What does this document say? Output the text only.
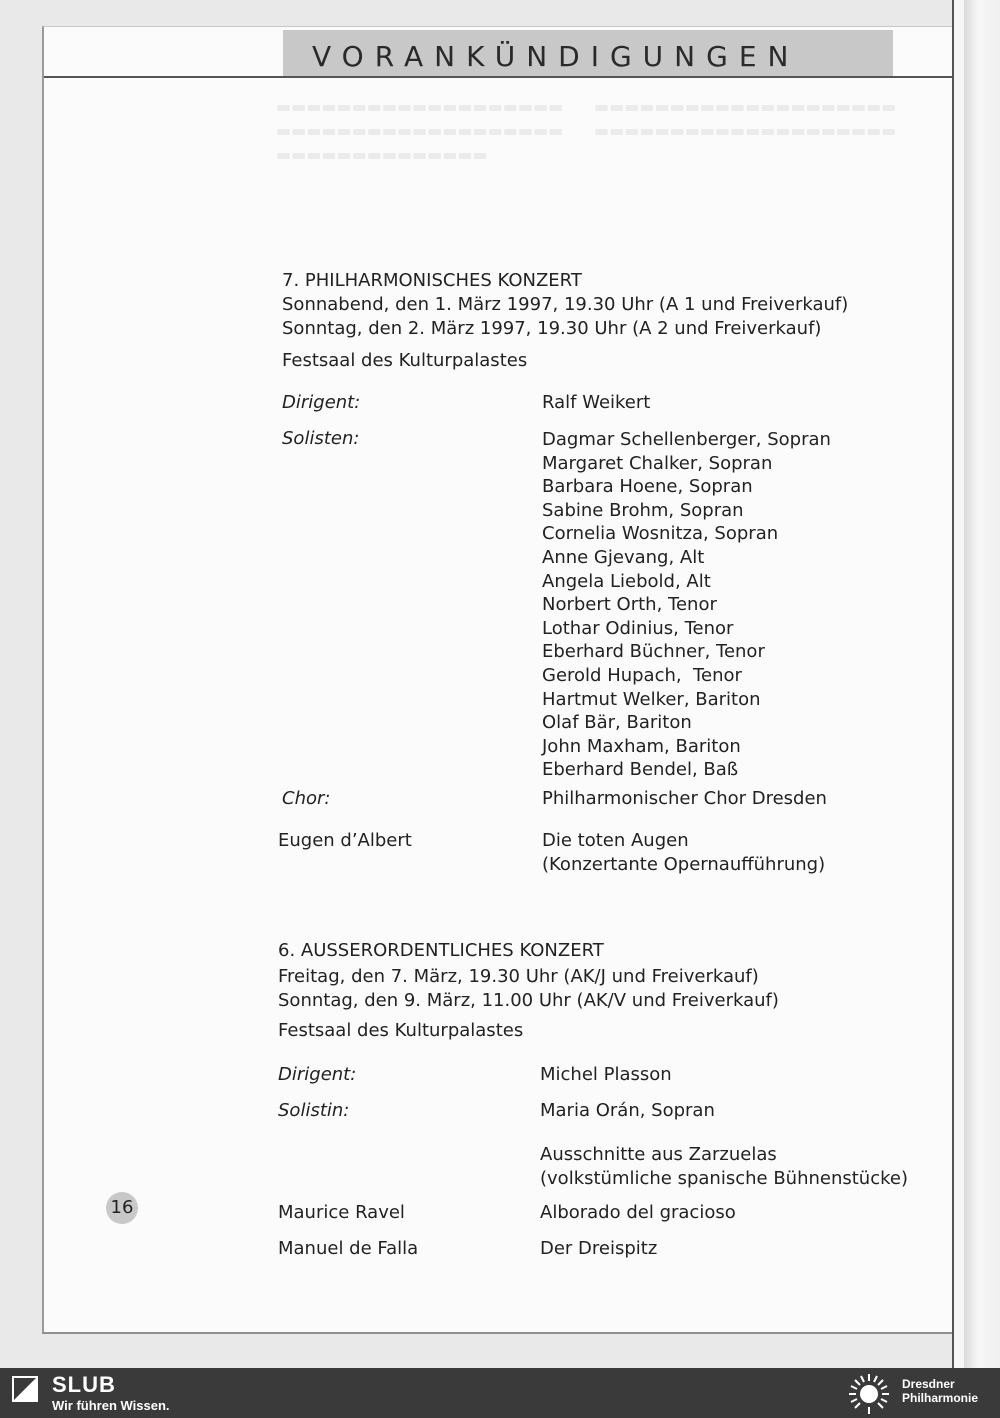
▬▬▬▬▬▬▬▬▬▬▬▬▬▬▬▬▬▬▬
▬▬▬▬▬▬▬▬▬▬▬▬▬▬▬▬▬▬▬
▬▬▬▬▬▬▬▬▬▬▬▬▬▬
▬▬▬▬▬▬▬▬▬▬▬▬▬▬▬▬▬▬▬▬
▬▬▬▬▬▬▬▬▬▬▬▬▬▬▬▬▬▬▬▬
VORANKÜNDIGUNGEN
7. PHILHARMONISCHES KONZERT
Sonnabend, den 1. März 1997, 19.30 Uhr (A 1 und Freiverkauf)
Sonntag, den 2. März 1997, 19.30 Uhr (A 2 und Freiverkauf)
Festsaal des Kulturpalastes
Dirigent:	Ralf Weikert
Solisten:	Dagmar Schellenberger, Sopran
Margaret Chalker, Sopran
Barbara Hoene, Sopran
Sabine Brohm, Sopran
Cornelia Wosnitza, Sopran
Anne Gjevang, Alt
Angela Liebold, Alt
Norbert Orth, Tenor
Lothar Odinius, Tenor
Eberhard Büchner, Tenor
Gerold Hupach,  Tenor
Hartmut Welker, Bariton
Olaf Bär, Bariton
John Maxham, Bariton
Eberhard Bendel, Baß
Chor:	Philharmonischer Chor Dresden
Eugen d’Albert	Die toten Augen
(Konzertante Opernaufführung)
6. AUSSERORDENTLICHES KONZERT
Freitag, den 7. März, 19.30 Uhr (AK/J und Freiverkauf)
Sonntag, den 9. März, 11.00 Uhr (AK/V und Freiverkauf)
Festsaal des Kulturpalastes
Dirigent:	Michel Plasson
Solistin:	Maria Orán, Sopran
Ausschnitte aus Zarzuelas
(volkstümliche spanische Bühnenstücke)
Maurice Ravel	Alborado del gracioso
Manuel de Falla	Der Dreispitz
16
SLUB
Wir führen Wissen.
Dresdner
Philharmonie
